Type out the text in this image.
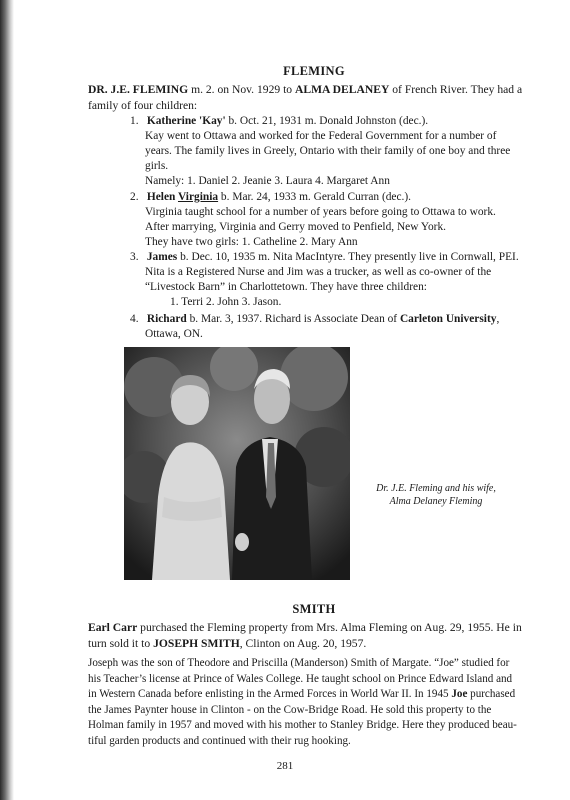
FLEMING
DR. J.E. FLEMING m. 2. on Nov. 1929 to ALMA DELANEY of French River. They had a
family of four children:
1. Katherine 'Kay' b. Oct. 21, 1931 m. Donald Johnston (dec.).
Kay went to Ottawa and worked for the Federal Government for a number of
years. The family lives in Greely, Ontario with their family of one boy and three
girls.
Namely: 1. Daniel 2. Jeanie 3. Laura 4. Margaret Ann
2. Helen Virginia b. Mar. 24, 1933 m. Gerald Curran (dec.).
Virginia taught school for a number of years before going to Ottawa to work.
After marrying, Virginia and Gerry moved to Penfield, New York.
They have two girls: 1. Catheline 2. Mary Ann
3. James b. Dec. 10, 1935 m. Nita MacIntyre. They presently live in Cornwall, PEI.
Nita is a Registered Nurse and Jim was a trucker, as well as co-owner of the
“Livestock Barn” in Charlottetown. They have three children:
1. Terri 2. John 3. Jason.
4. Richard b. Mar. 3, 1937. Richard is Associate Dean of Carleton University,
Ottawa, ON.
SMITH
Earl Carr purchased the Fleming property from Mrs. Alma Fleming on Aug. 29, 1955. He in
turn sold it to JOSEPH SMITH, Clinton on Aug. 20, 1957.
Joseph was the son of Theodore and Priscilla (Manderson) Smith of Margate. “Joe” studied for
his Teacher’s license at Prince of Wales College. He taught school on Prince Edward Island and
in Western Canada before enlisting in the Armed Forces in World War II. In 1945 Joe purchased
the James Paynter house in Clinton - on the Cow-Bridge Road. He sold this property to the
Holman family in 1957 and moved with his mother to Stanley Bridge. Here they produced beau-
tiful garden products and continued with their rug hooking.
Dr. J.E. Fleming and his wife,
Alma Delaney Fleming
281
